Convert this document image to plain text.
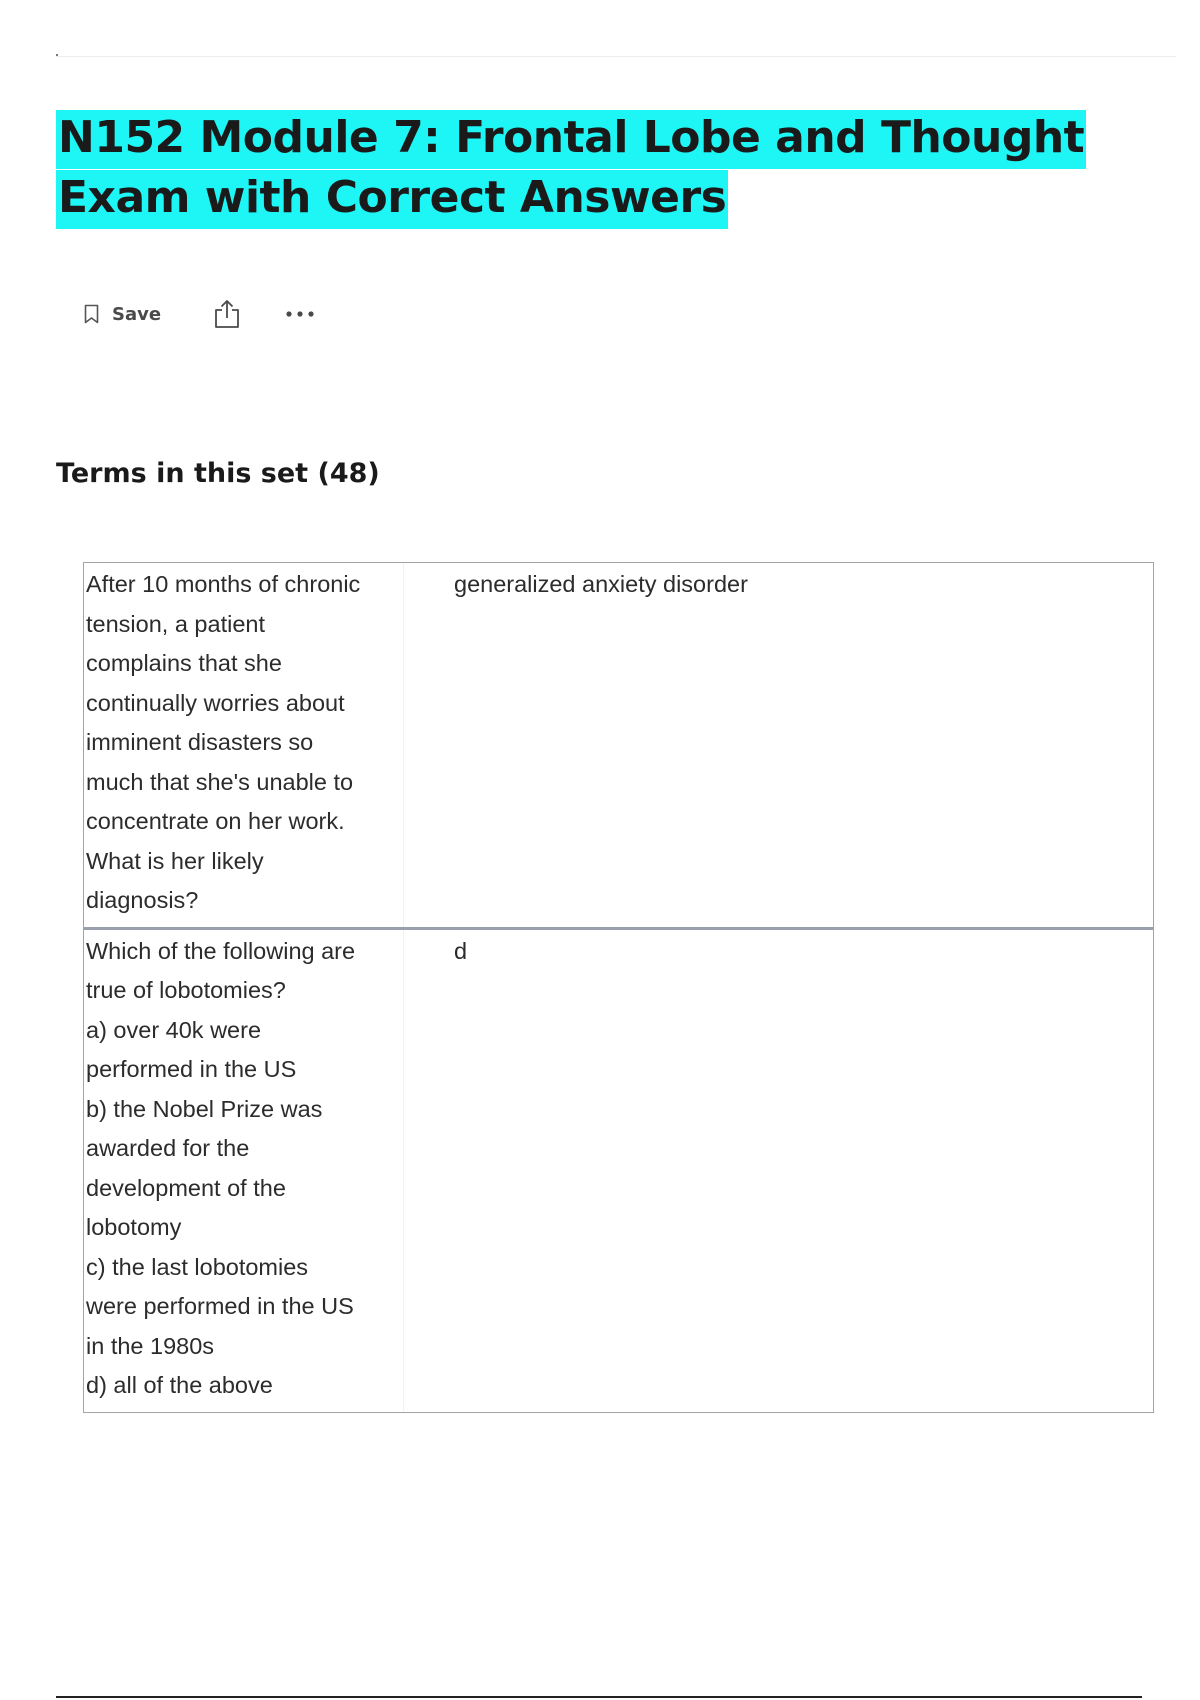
N152 Module 7: Frontal Lobe and Thought Exam with Correct Answers
Save
Terms in this set (48)
After 10 months of chronic
tension, a patient
complains that she
continually worries about
imminent disasters so
much that she's unable to
concentrate on her work.
What is her likely
diagnosis?
generalized anxiety disorder
Which of the following are
true of lobotomies?
a) over 40k were
performed in the US
b) the Nobel Prize was
awarded for the
development of the
lobotomy
c) the last lobotomies
were performed in the US
in the 1980s
d) all of the above
d
